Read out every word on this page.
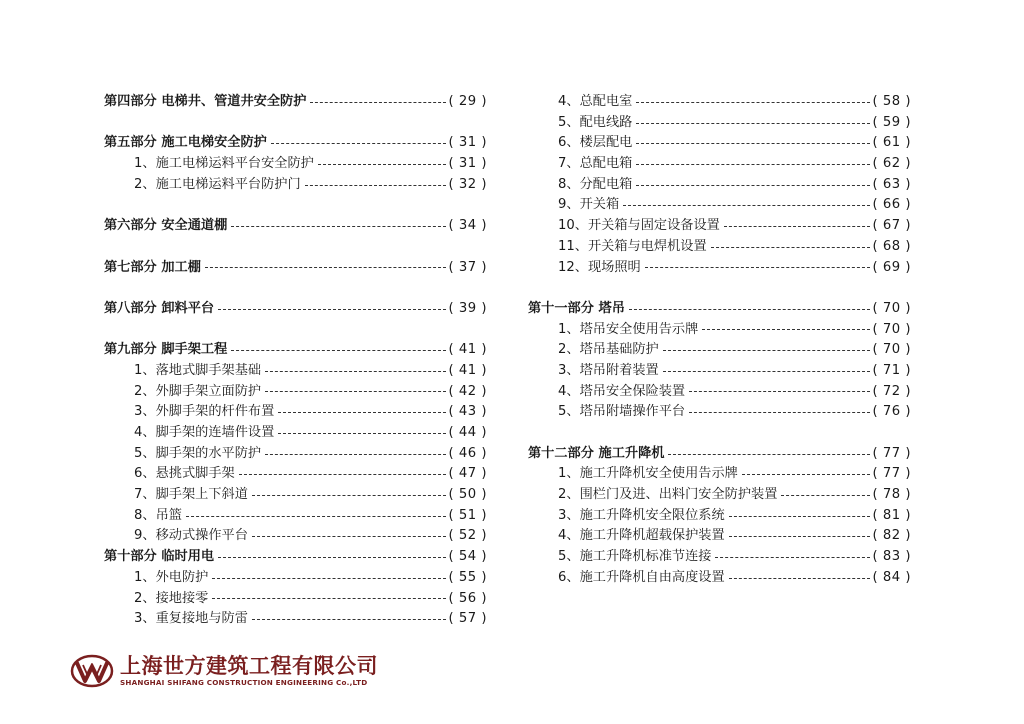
第四部分 电梯井、管道井安全防护	( 29 )
第五部分 施工电梯安全防护	( 31 )
1、施工电梯运料平台安全防护	( 31 )
2、施工电梯运料平台防护门	( 32 )
第六部分 安全通道棚	( 34 )
第七部分 加工棚	( 37 )
第八部分 卸料平台	( 39 )
第九部分 脚手架工程	( 41 )
1、落地式脚手架基础	( 41 )
2、外脚手架立面防护	( 42 )
3、外脚手架的杆件布置	( 43 )
4、脚手架的连墙件设置	( 44 )
5、脚手架的水平防护	( 46 )
6、悬挑式脚手架	( 47 )
7、脚手架上下斜道	( 50 )
8、吊篮	( 51 )
9、移动式操作平台	( 52 )
第十部分 临时用电	( 54 )
1、外电防护	( 55 )
2、接地接零	( 56 )
3、重复接地与防雷	( 57 )
4、总配电室	( 58 )
5、配电线路	( 59 )
6、楼层配电	( 61 )
7、总配电箱	( 62 )
8、分配电箱	( 63 )
9、开关箱	( 66 )
10、开关箱与固定设备设置	( 67 )
11、开关箱与电焊机设置	( 68 )
12、现场照明	( 69 )
第十一部分 塔吊	( 70 )
1、塔吊安全使用告示牌	( 70 )
2、塔吊基础防护	( 70 )
3、塔吊附着装置	( 71 )
4、塔吊安全保险装置	( 72 )
5、塔吊附墙操作平台	( 76 )
第十二部分 施工升降机	( 77 )
1、施工升降机安全使用告示牌	( 77 )
2、围栏门及进、出料门安全防护装置	( 78 )
3、施工升降机安全限位系统	( 81 )
4、施工升降机超载保护装置	( 82 )
5、施工升降机标准节连接	( 83 )
6、施工升降机自由高度设置	( 84 )
上海世方建筑工程有限公司
SHANGHAI SHIFANG CONSTRUCTION ENGINEERING Co.,LTD
